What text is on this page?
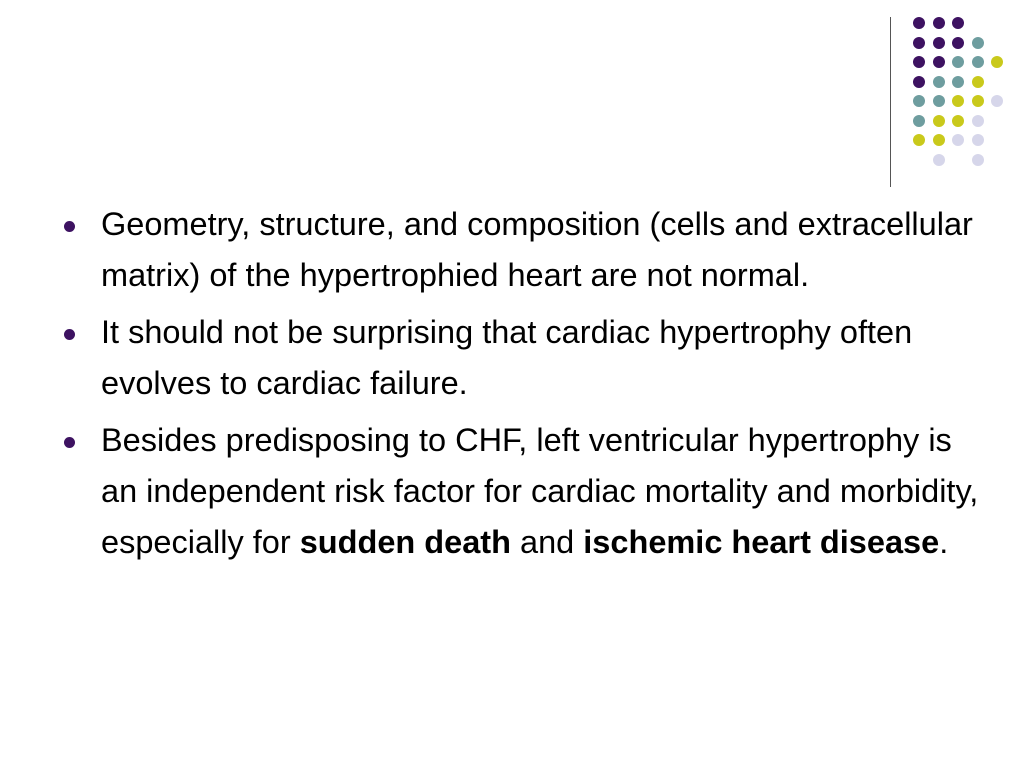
Geometry, structure, and composition (cells and extracellular matrix) of the hypertrophied heart are not normal.
It should not be surprising that cardiac hypertrophy often evolves to cardiac failure.
Besides predisposing to CHF, left ventricular hypertrophy is an independent risk factor for cardiac mortality and morbidity, especially for sudden death and ischemic heart disease.
